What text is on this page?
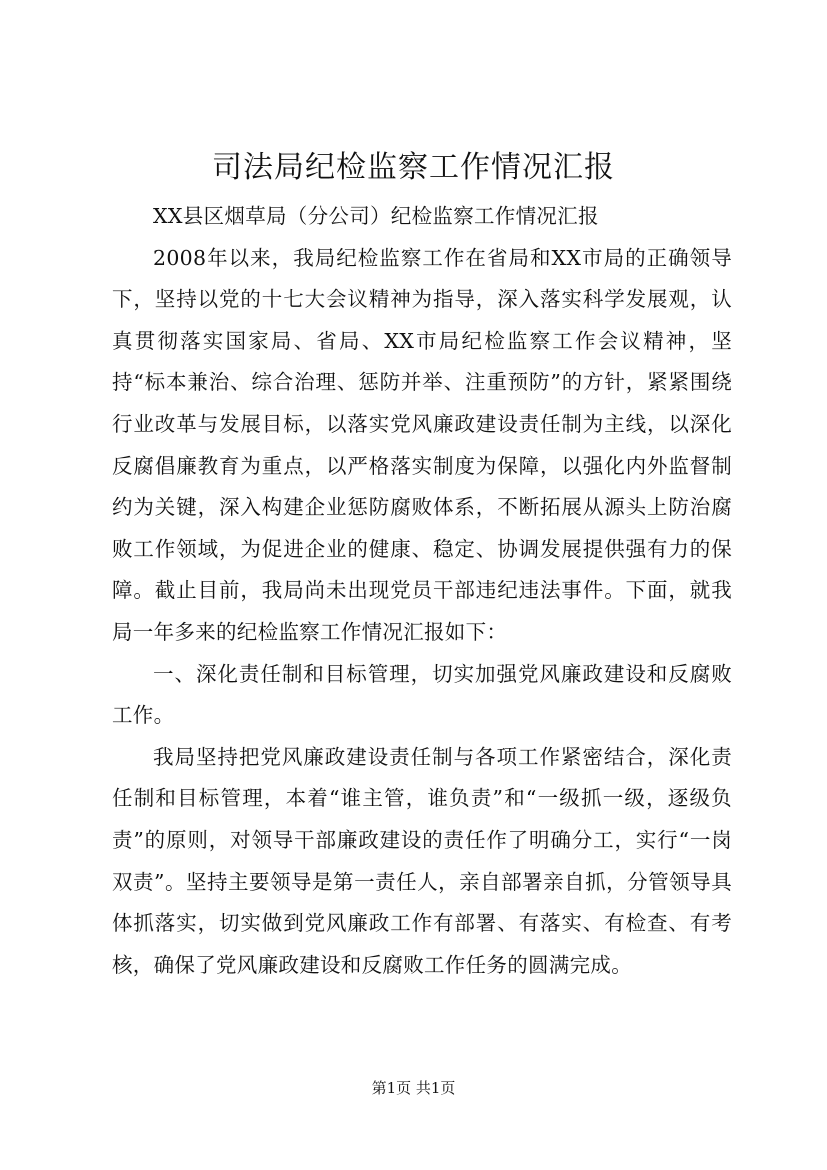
司法局纪检监察工作情况汇报

XX县区烟草局（分公司）纪检监察工作情况汇报

2008年以来，我局纪检监察工作在省局和XX市局的正确领导下，坚持以党的十七大会议精神为指导，深入落实科学发展观，认真贯彻落实国家局、省局、XX市局纪检监察工作会议精神，坚持“标本兼治、综合治理、惩防并举、注重预防”的方针，紧紧围绕行业改革与发展目标，以落实党风廉政建设责任制为主线，以深化反腐倡廉教育为重点，以严格落实制度为保障，以强化内外监督制约为关键，深入构建企业惩防腐败体系，不断拓展从源头上防治腐败工作领域，为促进企业的健康、稳定、协调发展提供强有力的保障。截止目前，我局尚未出现党员干部违纪违法事件。下面，就我局一年多来的纪检监察工作情况汇报如下：

一、深化责任制和目标管理，切实加强党风廉政建设和反腐败工作。

我局坚持把党风廉政建设责任制与各项工作紧密结合，深化责任制和目标管理，本着“谁主管，谁负责”和“一级抓一级，逐级负责”的原则，对领导干部廉政建设的责任作了明确分工，实行“一岗双责”。坚持主要领导是第一责任人，亲自部署亲自抓，分管领导具体抓落实，切实做到党风廉政工作有部署、有落实、有检查、有考核，确保了党风廉政建设和反腐败工作任务的圆满完成。

第1页 共1页
